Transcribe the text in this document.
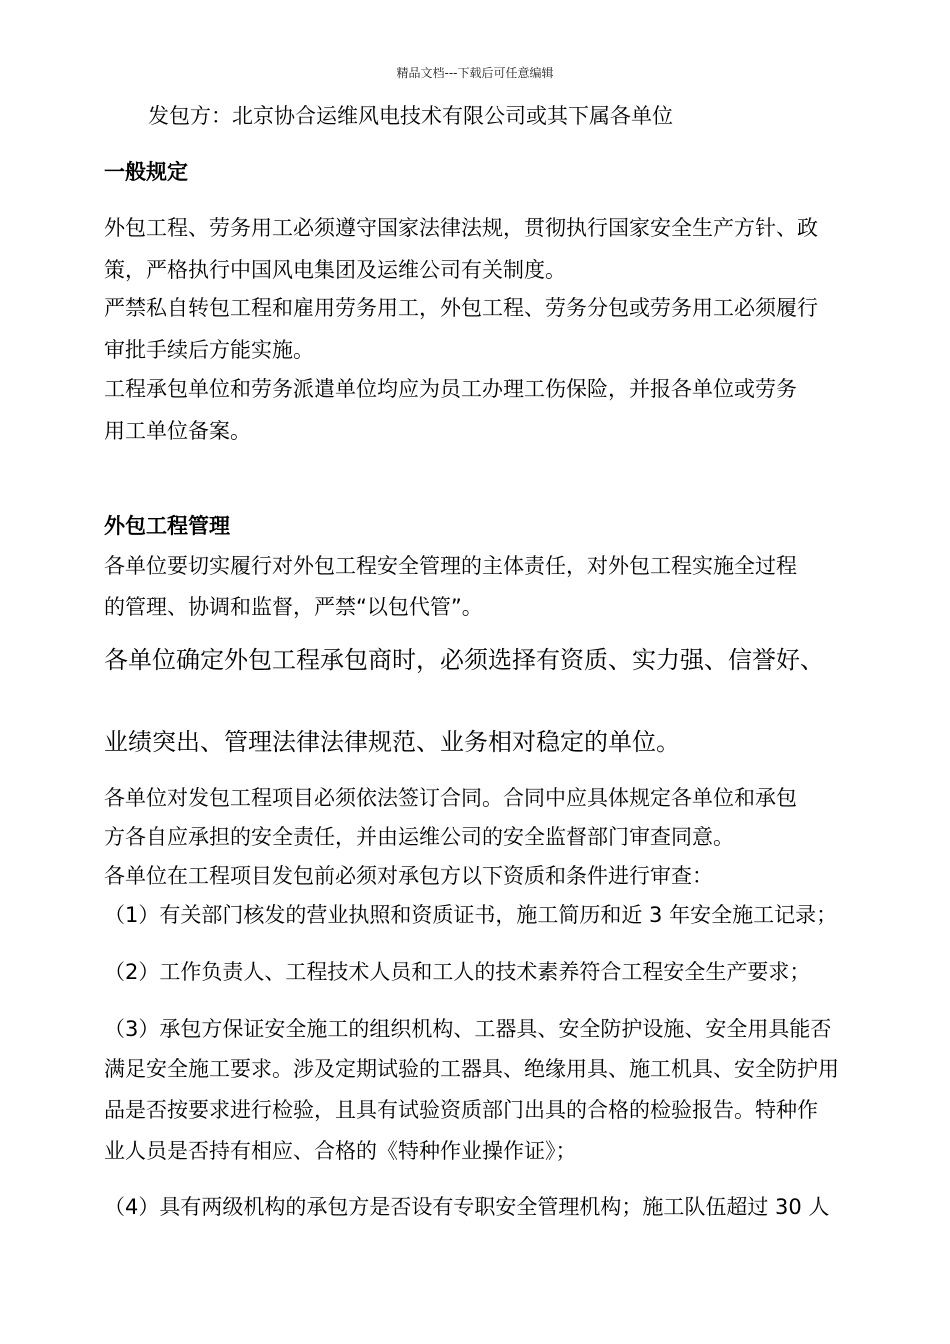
精品文档---下载后可任意编辑
发包方：北京协合运维风电技术有限公司或其下属各单位
一般规定
外包工程、劳务用工必须遵守国家法律法规，贯彻执行国家安全生产方针、政
策，严格执行中国风电集团及运维公司有关制度。
严禁私自转包工程和雇用劳务用工，外包工程、劳务分包或劳务用工必须履行
审批手续后方能实施。
工程承包单位和劳务派遣单位均应为员工办理工伤保险，并报各单位或劳务
用工单位备案。
外包工程管理
各单位要切实履行对外包工程安全管理的主体责任，对外包工程实施全过程
的管理、协调和监督，严禁“以包代管”。
各单位确定外包工程承包商时，必须选择有资质、实力强、信誉好、
业绩突出、管理法律法律规范、业务相对稳定的单位。
各单位对发包工程项目必须依法签订合同。合同中应具体规定各单位和承包
方各自应承担的安全责任，并由运维公司的安全监督部门审查同意。
各单位在工程项目发包前必须对承包方以下资质和条件进行审查：
（1）有关部门核发的营业执照和资质证书，施工简历和近 3 年安全施工记录；
（2）工作负责人、工程技术人员和工人的技术素养符合工程安全生产要求；
（3）承包方保证安全施工的组织机构、工器具、安全防护设施、安全用具能否
满足安全施工要求。涉及定期试验的工器具、绝缘用具、施工机具、安全防护用
品是否按要求进行检验，且具有试验资质部门出具的合格的检验报告。特种作
业人员是否持有相应、合格的《特种作业操作证》；
（4）具有两级机构的承包方是否设有专职安全管理机构；施工队伍超过 30 人
